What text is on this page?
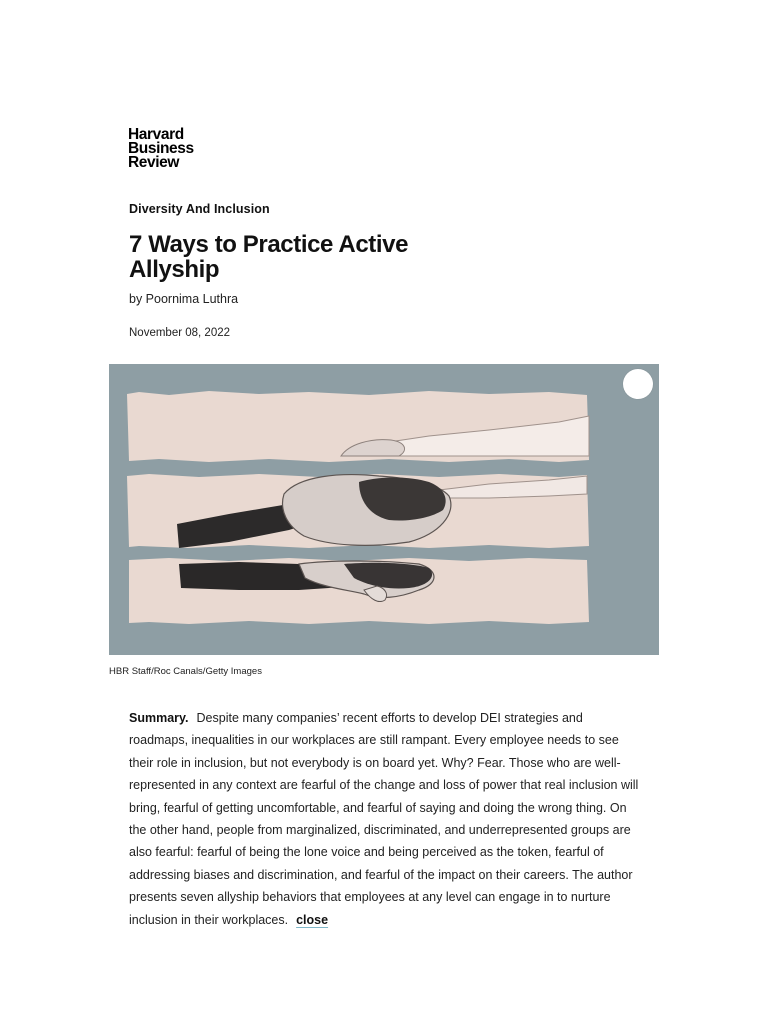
Harvard
Business
Review
Diversity And Inclusion
7 Ways to Practice Active Allyship
by Poornima Luthra
November 08, 2022
HBR Staff/Roc Canals/Getty Images

Summary. Despite many companies’ recent efforts to develop DEI strategies and roadmaps, inequalities in our workplaces are still rampant. Every employee needs to see their role in inclusion, but not everybody is on board yet. Why? Fear. Those who are well-represented in any context are fearful of the change and loss of power that real inclusion will bring, fearful of getting uncomfortable, and fearful of saying and doing the wrong thing. On the other hand, people from marginalized, discriminated, and underrepresented groups are also fearful: fearful of being the lone voice and being perceived as the token, fearful of addressing biases and discrimination, and fearful of the impact on their careers. The author presents seven allyship behaviors that employees at any level can engage in to nurture inclusion in their workplaces. close
